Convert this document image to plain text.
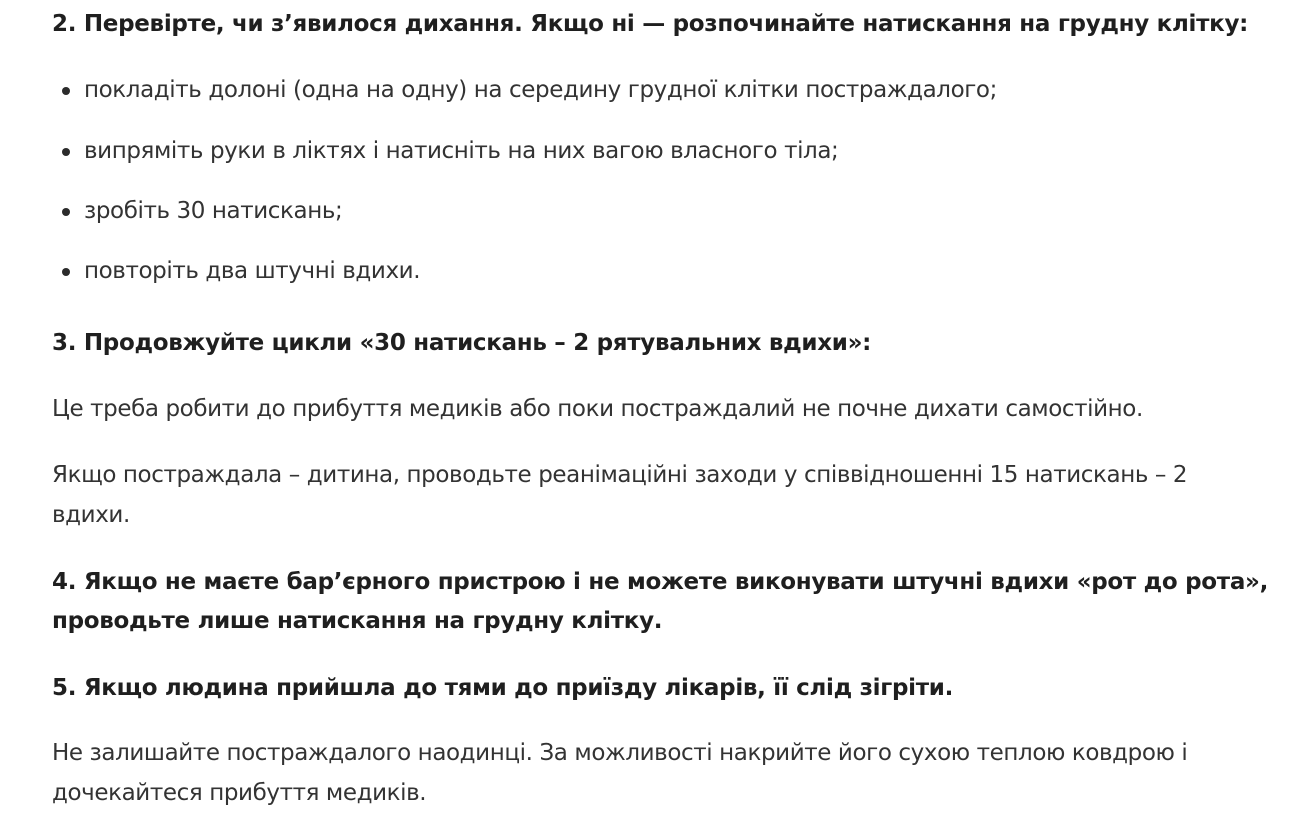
2. Перевірте, чи з’явилося дихання. Якщо ні — розпочинайте натискання на грудну клітку:
покладіть долоні (одна на одну) на середину грудної клітки постраждалого;
випряміть руки в ліктях і натисніть на них вагою власного тіла;
зробіть 30 натискань;
повторіть два штучні вдихи.
3. Продовжуйте цикли «30 натискань – 2 рятувальних вдихи»:

Це треба робити до прибуття медиків або поки постраждалий не почне дихати самостійно.

Якщо постраждала – дитина, проводьте реанімаційні заходи у співвідношенні 15 натискань – 2

вдихи.

4. Якщо не маєте бар’єрного пристрою і не можете виконувати штучні вдихи «рот до рота»,
проводьте лише натискання на грудну клітку.
5. Якщо людина прийшла до тями до приїзду лікарів, її слід зігріти.

Не залишайте постраждалого наодинці. За можливості накрийте його сухою теплою ковдрою і

дочекайтеся прибуття медиків.
